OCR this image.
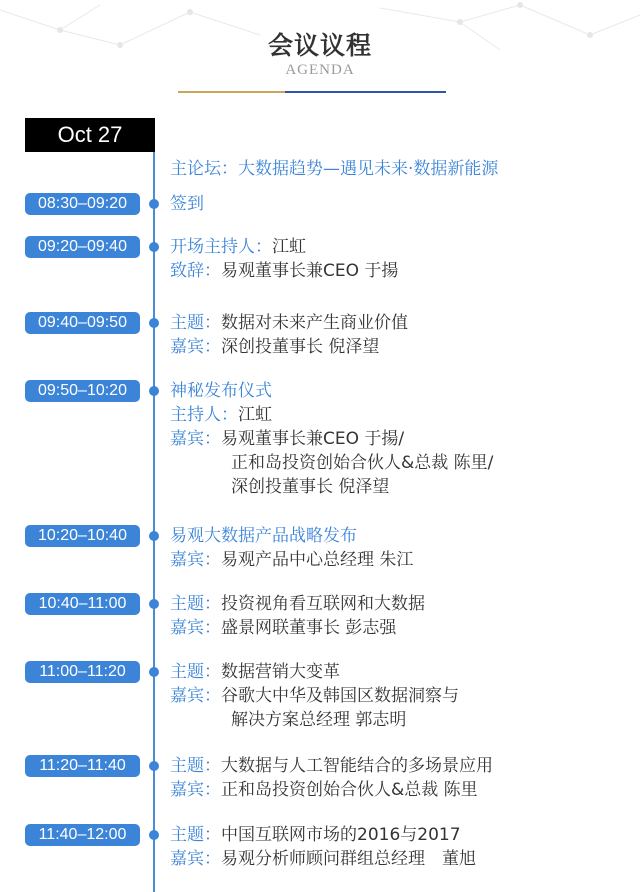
会议议程
AGENDA
Oct 27
主论坛：大数据趋势—遇见未来·数据新能源
08:30–09:20	签到
09:20–09:40	开场主持人：江虹
致辞：易观董事长兼CEO 于揚
09:40–09:50	主题：数据对未来产生商业价值
嘉宾：深创投董事长 倪泽望
09:50–10:20	神秘发布仪式
主持人：江虹
嘉宾：易观董事长兼CEO 于揚/
正和岛投资创始合伙人&总裁 陈里/
深创投董事长 倪泽望
10:20–10:40	易观大数据产品战略发布
嘉宾：易观产品中心总经理 朱江
10:40–11:00	主题：投资视角看互联网和大数据
嘉宾：盛景网联董事长 彭志强
11:00–11:20	主题：数据营销大变革
嘉宾：谷歌大中华及韩国区数据洞察与
解决方案总经理 郭志明
11:20–11:40	主题：大数据与人工智能结合的多场景应用
嘉宾：正和岛投资创始合伙人&总裁 陈里
11:40–12:00	主题：中国互联网市场的2016与2017
嘉宾：易观分析师顾问群组总经理　董旭
